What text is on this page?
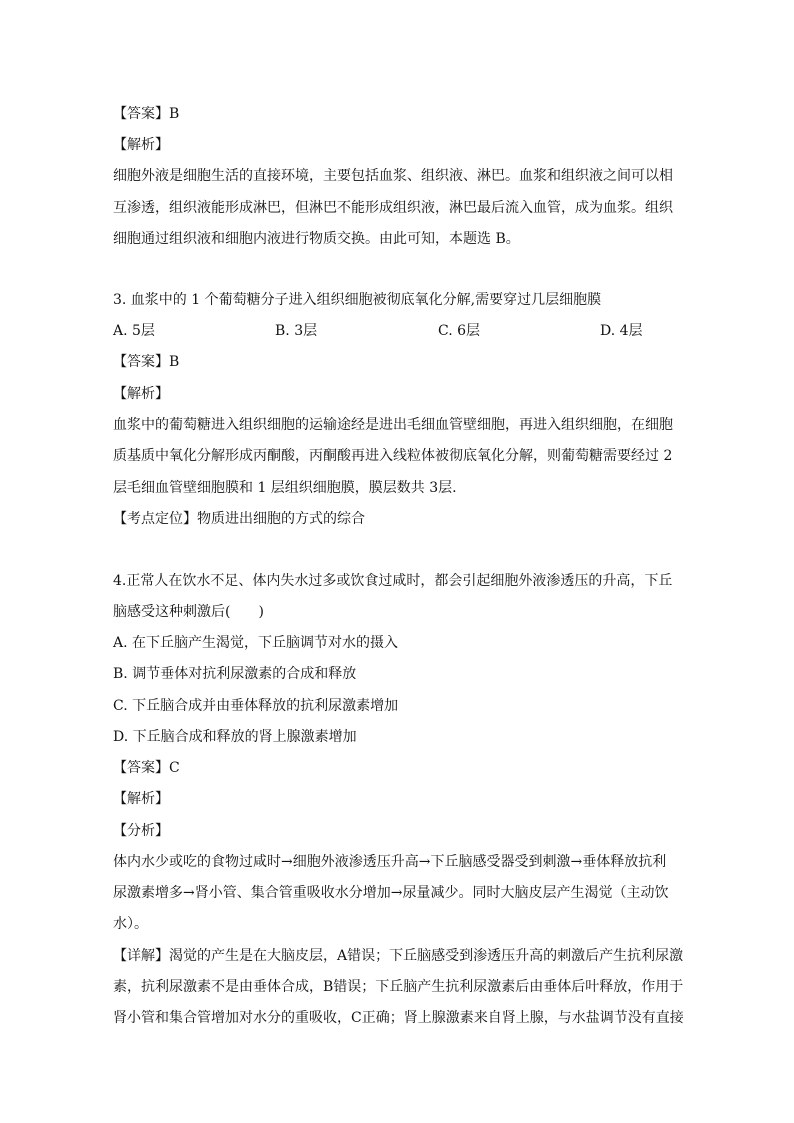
【答案】B
【解析】
细胞外液是细胞生活的直接环境，主要包括血浆、组织液、淋巴。血浆和组织液之间可以相
互渗透，组织液能形成淋巴，但淋巴不能形成组织液，淋巴最后流入血管，成为血浆。组织
细胞通过组织液和细胞内液进行物质交换。由此可知，本题选 B。
3. 血浆中的 1 个葡萄糖分子进入组织细胞被彻底氧化分解,需要穿过几层细胞膜
A. 5层	B. 3层	C. 6层	D. 4层
【答案】B
【解析】
血浆中的葡萄糖进入组织细胞的运输途经是进出毛细血管壁细胞，再进入组织细胞，在细胞
质基质中氧化分解形成丙酮酸，丙酮酸再进入线粒体被彻底氧化分解，则葡萄糖需要经过 2
层毛细血管壁细胞膜和 1 层组织细胞膜，膜层数共 3层.
【考点定位】物质进出细胞的方式的综合
4.正常人在饮水不足、体内失水过多或饮食过咸时，都会引起细胞外液渗透压的升高，下丘
脑感受这种刺激后(　　)
A. 在下丘脑产生渴觉，下丘脑调节对水的摄入
B. 调节垂体对抗利尿激素的合成和释放
C. 下丘脑合成并由垂体释放的抗利尿激素增加
D. 下丘脑合成和释放的肾上腺激素增加
【答案】C
【解析】
【分析】
体内水少或吃的食物过咸时→细胞外液渗透压升高→下丘脑感受器受到刺激→垂体释放抗利
尿激素增多→肾小管、集合管重吸收水分增加→尿量减少。同时大脑皮层产生渴觉（主动饮
水）。
【详解】渴觉的产生是在大脑皮层，A错误；下丘脑感受到渗透压升高的刺激后产生抗利尿激
素，抗利尿激素不是由垂体合成，B错误；下丘脑产生抗利尿激素后由垂体后叶释放，作用于
肾小管和集合管增加对水分的重吸收，C正确；肾上腺激素来自肾上腺，与水盐调节没有直接
